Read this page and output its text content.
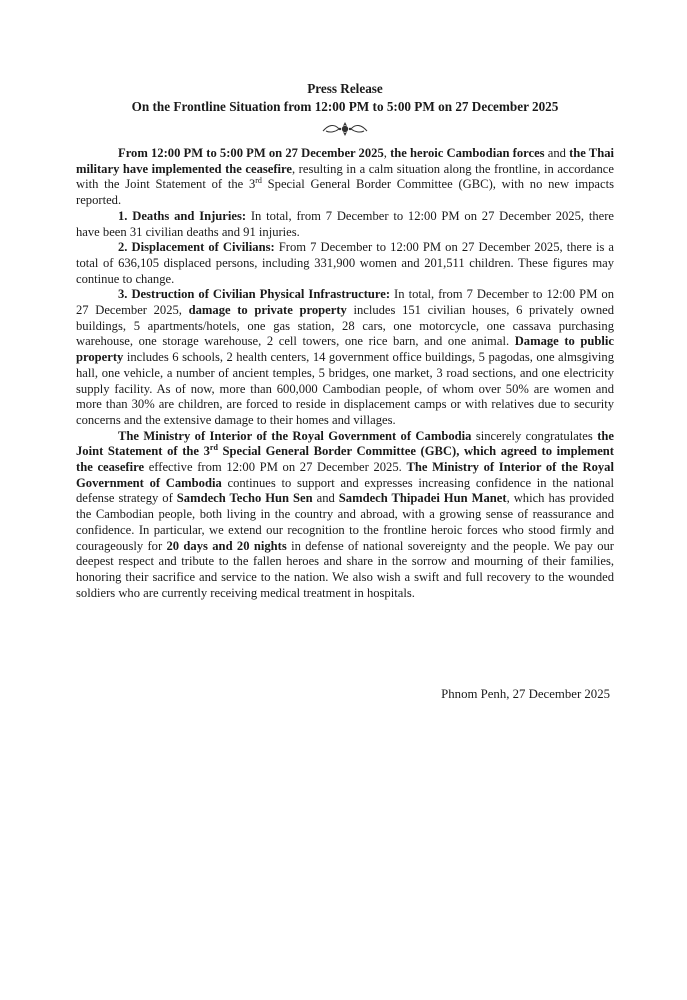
Press Release
On the Frontline Situation from 12:00 PM to 5:00 PM on 27 December 2025

From 12:00 PM to 5:00 PM on 27 December 2025, the heroic Cambodian forces and the Thai military have implemented the ceasefire, resulting in a calm situation along the frontline, in accordance with the Joint Statement of the 3rd Special General Border Committee (GBC), with no new impacts reported.

1. Deaths and Injuries: In total, from 7 December to 12:00 PM on 27 December 2025, there have been 31 civilian deaths and 91 injuries.

2. Displacement of Civilians: From 7 December to 12:00 PM on 27 December 2025, there is a total of 636,105 displaced persons, including 331,900 women and 201,511 children. These figures may continue to change.

3. Destruction of Civilian Physical Infrastructure: In total, from 7 December to 12:00 PM on 27 December 2025, damage to private property includes 151 civilian houses, 6 privately owned buildings, 5 apartments/hotels, one gas station, 28 cars, one motorcycle, one cassava purchasing warehouse, one storage warehouse, 2 cell towers, one rice barn, and one animal. Damage to public property includes 6 schools, 2 health centers, 14 government office buildings, 5 pagodas, one almsgiving hall, one vehicle, a number of ancient temples, 5 bridges, one market, 3 road sections, and one electricity supply facility. As of now, more than 600,000 Cambodian people, of whom over 50% are women and more than 30% are children, are forced to reside in displacement camps or with relatives due to security concerns and the extensive damage to their homes and villages.

The Ministry of Interior of the Royal Government of Cambodia sincerely congratulates the Joint Statement of the 3rd Special General Border Committee (GBC), which agreed to implement the ceasefire effective from 12:00 PM on 27 December 2025. The Ministry of Interior of the Royal Government of Cambodia continues to support and expresses increasing confidence in the national defense strategy of Samdech Techo Hun Sen and Samdech Thipadei Hun Manet, which has provided the Cambodian people, both living in the country and abroad, with a growing sense of reassurance and confidence. In particular, we extend our recognition to the frontline heroic forces who stood firmly and courageously for 20 days and 20 nights in defense of national sovereignty and the people. We pay our deepest respect and tribute to the fallen heroes and share in the sorrow and mourning of their families, honoring their sacrifice and service to the nation. We also wish a swift and full recovery to the wounded soldiers who are currently receiving medical treatment in hospitals.

Phnom Penh, 27 December 2025
